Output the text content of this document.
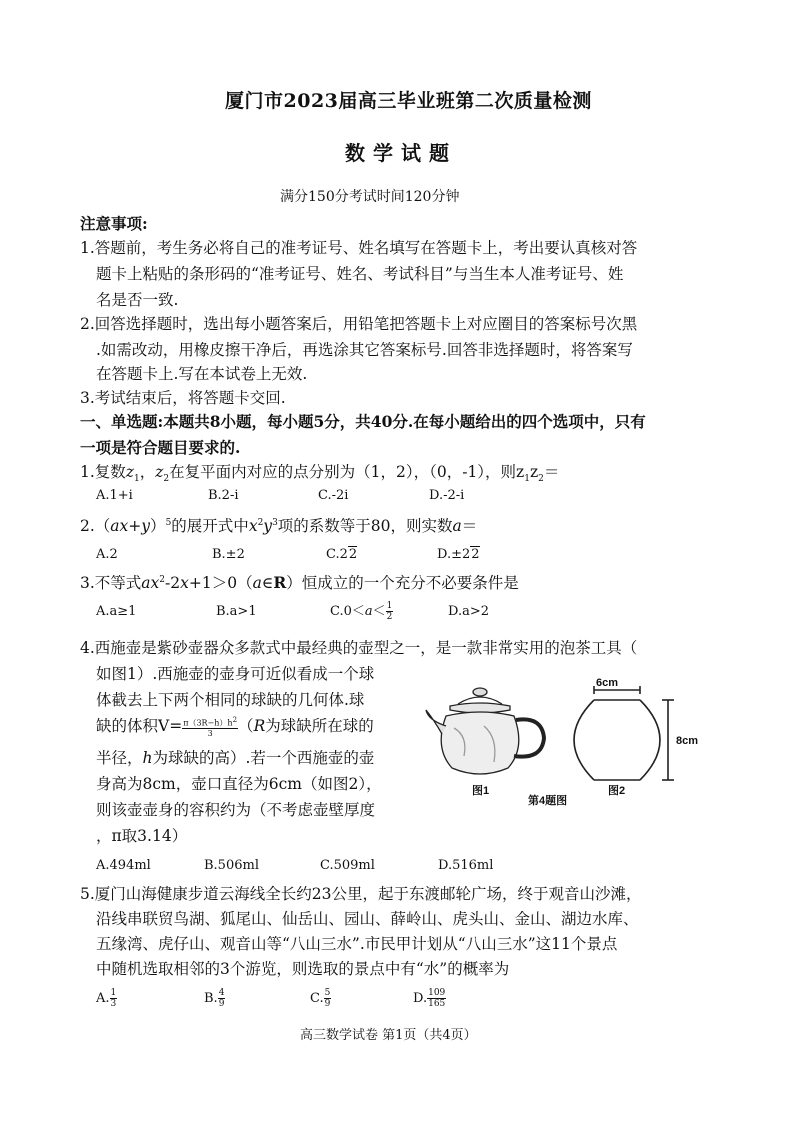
厦门市2023届高三毕业班第二次质量检测
数学试题
满分150分考试时间120分钟
注意事项:
1.答题前，考生务必将自己的准考证号、姓名填写在答题卡上，考出要认真核对答
题卡上粘贴的条形码的“准考证号、姓名、考试科目”与当生本人准考证号、姓
名是否一致.
2.回答选择题时，选出每小题答案后，用铅笔把答题卡上对应圈目的答案标号次黑
.如需改动，用橡皮擦干净后，再选涂其它答案标号.回答非选择题时，将答案写
在答题卡上.写在本试卷上无效.
3.考试结束后，将答题卡交回.
一、单选题:本题共8小题，每小题5分，共40分.在每小题给出的四个选项中，只有
一项是符合题目要求的.
1.复数$z_1$，$z_2$在复平面内对应的点分别为（1，2），（0，-1），则$z_1z_2=$
A.1+i	B.2-i	C.-2i	D.-2-i
$2.(ax+y)^5$的展开式中$x^2y^3$项的系数等于80，则实数a＝
A.2	B.±2	C.22	D.±22
3.不等式$ax^2-2x+1>0(a\in R)$恒成立的一个充分不必要条件是
A.a≥1	B.a>1	$C.0<a< \frac{1}{2}$	D.a>2
4.西施壶是紫砂壶器众多款式中最经典的壶型之一，是一款非常实用的泡茶工具（
如图1）.西施壶的壶身可近似看成一个球
体截去上下两个相同的球缺的几何体.球
缺的体积$V= \frac{\pi(3R-h)h^2}{3} (R$为球缺所在球的
半径，h为球缺的高）.若一个西施壶的壶
身高为8cm，壶口直径为6cm（如图2），
则该壶壶身的容积约为（不考虑壶壁厚度
，π取3.14）
6cm
8cm
图1
第4题图
图2
A.494ml	B.506ml	C.509ml	D.516ml
5.厦门山海健康步道云海线全长约23公里，起于东渡邮轮广场，终于观音山沙滩，
沿线串联贸鸟湖、狐尾山、仙岳山、园山、薛岭山、虎头山、金山、湖边水库、
五缘湾、虎仔山、观音山等“八山三水”.市民甲计划从“八山三水”这11个景点
中随机选取相邻的3个游览，则选取的景点中有“水”的概率为
A. $\frac{1}{3}$	B. $\frac{4}{9}$	C. $\frac{5}{9}$	D. $\frac{109}{165}$
高三数学试卷 第1页（共4页）
